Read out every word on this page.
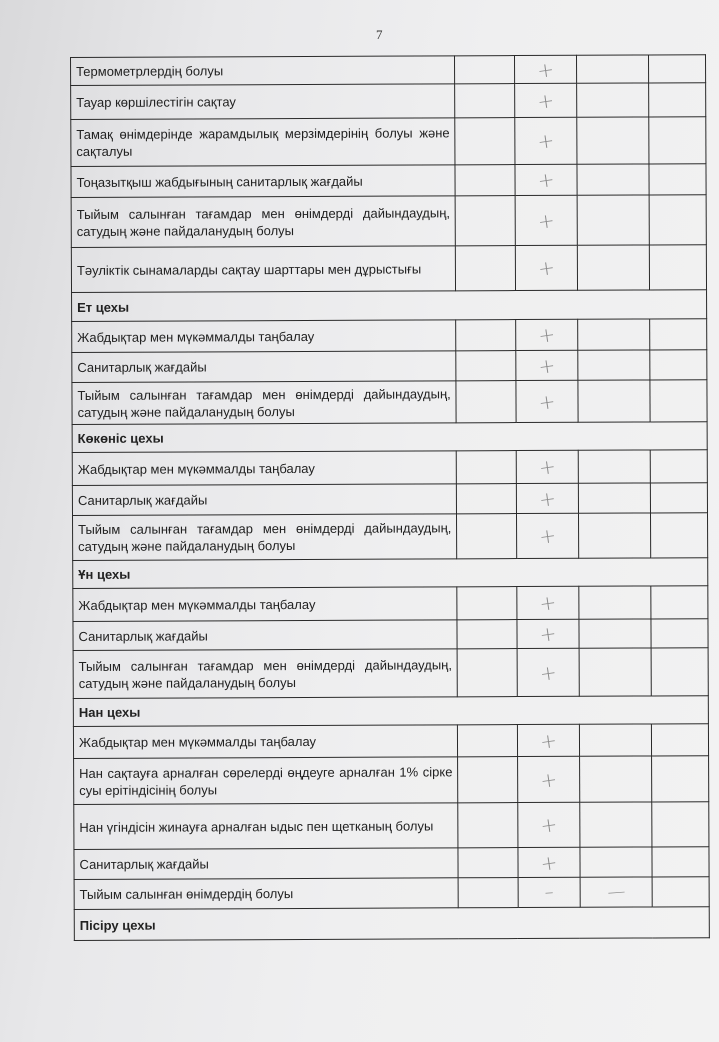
7
Термометрлердің болуы		+		

Тауар көршілестігін сақтау		+		

Тамақ өнімдерінде жарамдылық мерзімдерінің болуы және сақталуы		+		

Тоңазытқыш жабдығының санитарлық жағдайы		+		

Тыйым салынған тағамдар мен өнімдерді дайындаудың, сатудың және пайдаланудың болуы		+		

Тәуліктік сынамаларды сақтау шарттары мен дұрыстығы		+		

Ет цехы				
Жабдықтар мен мүкәммалды таңбалау		+		

Санитарлық жағдайы		+		

Тыйым салынған тағамдар мен өнімдерді дайындаудың, сатудың және пайдаланудың болуы		+		

Көкөніс цехы				
Жабдықтар мен мүкәммалды таңбалау		+		

Санитарлық жағдайы		+		

Тыйым салынған тағамдар мен өнімдерді дайындаудың, сатудың және пайдаланудың болуы		+		

Ұн цехы				
Жабдықтар мен мүкәммалды таңбалау		+		

Санитарлық жағдайы		+		

Тыйым салынған тағамдар мен өнімдерді дайындаудың, сатудың және пайдаланудың болуы		+		

Нан цехы				
Жабдықтар мен мүкәммалды таңбалау		+		

Нан сақтауға арналған сөрелерді өңдеуге арналған 1% сірке суы ерітіндісінің болуы		+		

Нан үгіндісін жинауға арналған ыдыс пен щетканың болуы		+		

Санитарлық жағдайы		+		

Тыйым салынған өнімдердің болуы		–	—	

Пісіру цехы				
